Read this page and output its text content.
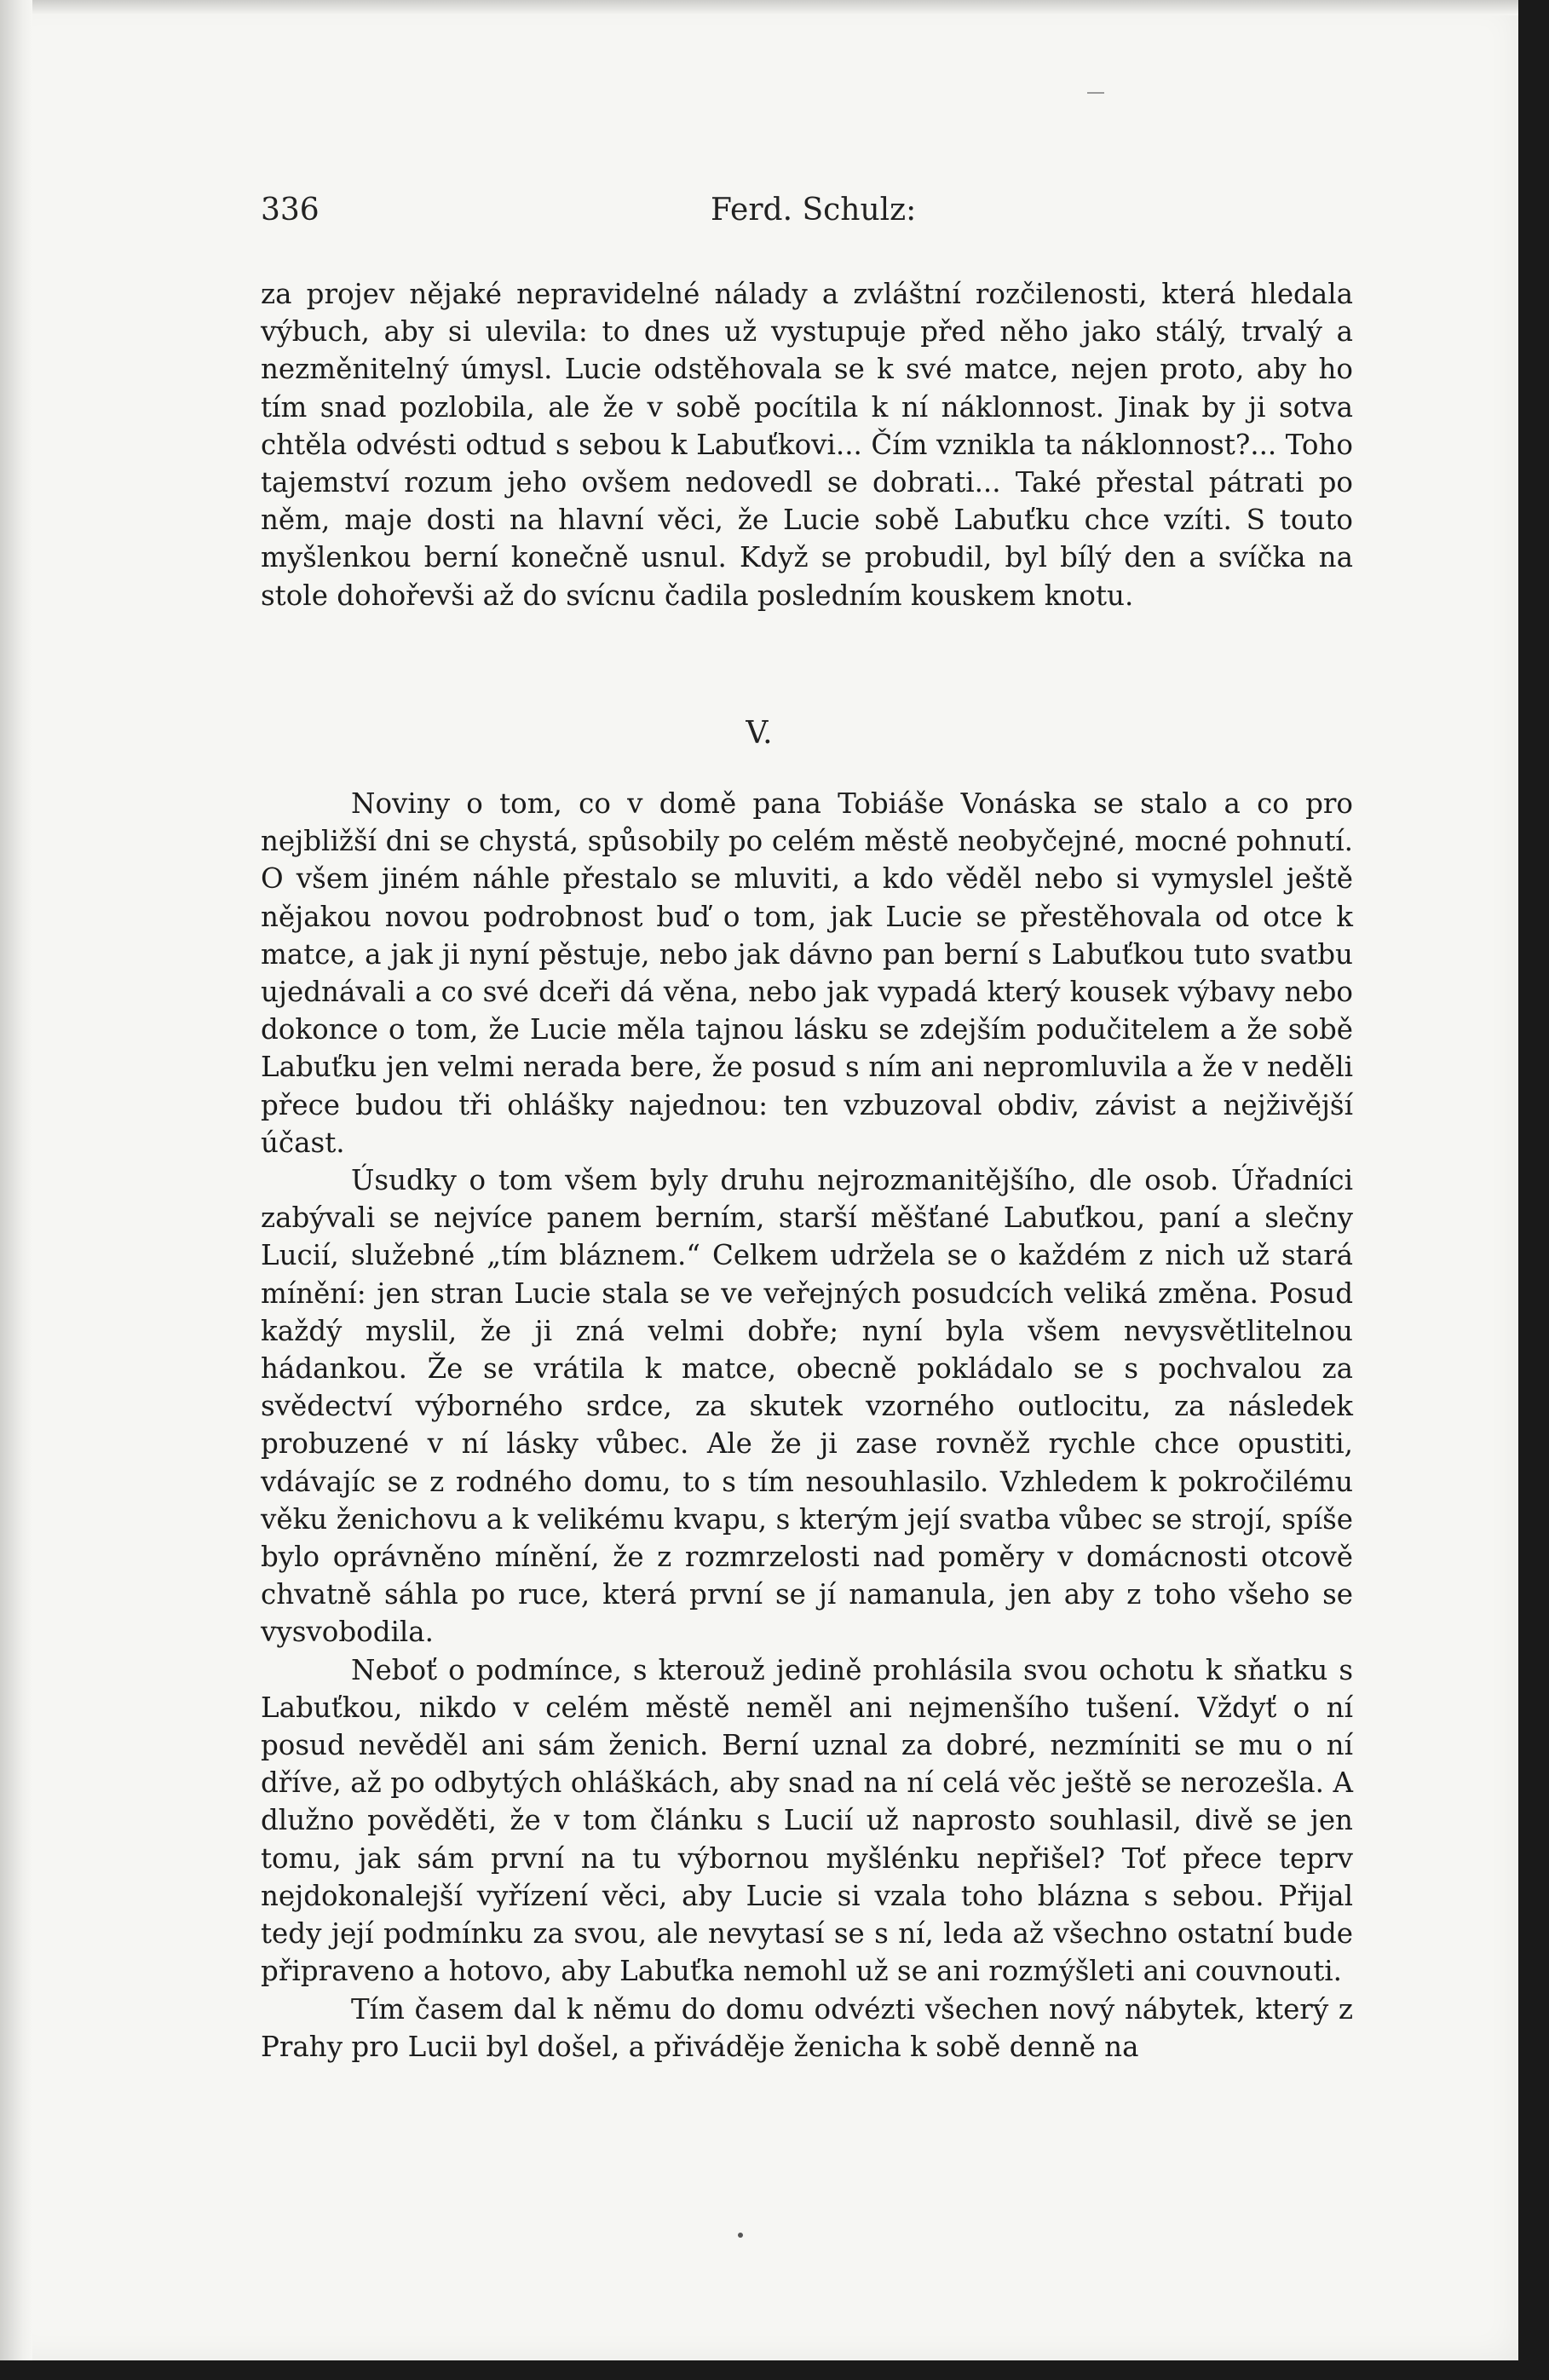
336	Ferd. Schulz:

za projev nějaké nepravidelné nálady a zvláštní rozčilenosti, která hledala výbuch, aby si ulevila: to dnes už vystupuje před něho jako stálý, trvalý a nezměnitelný úmysl. Lucie odstěhovala se k své matce, nejen proto, aby ho tím snad pozlobila, ale že v sobě pocítila k ní náklonnost. Jinak by ji sotva chtěla odvésti odtud s sebou k Labuťkovi... Čím vznikla ta náklonnost?... Toho tajemství rozum jeho ovšem nedovedl se dobrati... Také přestal pátrati po něm, maje dosti na hlavní věci, že Lucie sobě Labuťku chce vzíti. S touto myšlenkou berní konečně usnul. Když se probudil, byl bílý den a svíčka na stole dohořevši až do svícnu čadila posledním kouskem knotu.

V.

Noviny o tom, co v domě pana Tobiáše Vonáska se stalo a co pro nejbližší dni se chystá, spůsobily po celém městě neobyčejné, mocné pohnutí. O všem jiném náhle přestalo se mluviti, a kdo věděl nebo si vymyslel ještě nějakou novou podrobnost buď o tom, jak Lucie se přestěhovala od otce k matce, a jak ji nyní pěstuje, nebo jak dávno pan berní s Labuťkou tuto svatbu ujednávali a co své dceři dá věna, nebo jak vypadá který kousek výbavy nebo dokonce o tom, že Lucie měla tajnou lásku se zdejším podučitelem a že sobě Labuťku jen velmi nerada bere, že posud s ním ani nepromluvila a že v neděli přece budou tři ohlášky najednou: ten vzbuzoval obdiv, závist a nejživější účast.

Úsudky o tom všem byly druhu nejrozmanitějšího, dle osob. Úřadníci zabývali se nejvíce panem berním, starší měšťané Labuťkou, paní a slečny Lucií, služebné „tím bláznem.“ Celkem udržela se o každém z nich už stará mínění: jen stran Lucie stala se ve veřejných posudcích veliká změna. Posud každý myslil, že ji zná velmi dobře; nyní byla všem nevysvětlitelnou hádankou. Že se vrátila k matce, obecně pokládalo se s pochvalou za svědectví výborného srdce, za skutek vzorného outlocitu, za následek probuzené v ní lásky vůbec. Ale že ji zase rovněž rychle chce opustiti, vdávajíc se z rodného domu, to s tím nesouhlasilo. Vzhledem k pokročilému věku ženichovu a k velikému kvapu, s kterým její svatba vůbec se strojí, spíše bylo oprávněno mínění, že z rozmrzelosti nad poměry v domácnosti otcově chvatně sáhla po ruce, která první se jí namanula, jen aby z toho všeho se vysvobodila.

Neboť o podmínce, s kterouž jedině prohlásila svou ochotu k sňatku s Labuťkou, nikdo v celém městě neměl ani nejmenšího tušení. Vždyť o ní posud nevěděl ani sám ženich. Berní uznal za dobré, nezmíniti se mu o ní dříve, až po odbytých ohláškách, aby snad na ní celá věc ještě se nerozešla. A dlužno pověděti, že v tom článku s Lucií už naprosto souhlasil, divě se jen tomu, jak sám první na tu výbornou myšlénku nepřišel? Toť přece teprv nejdokonalejší vyřízení věci, aby Lucie si vzala toho blázna s sebou. Přijal tedy její podmínku za svou, ale nevytasí se s ní, leda až všechno ostatní bude připraveno a hotovo, aby Labuťka nemohl už se ani rozmýšleti ani couvnouti.

Tím časem dal k němu do domu odvézti všechen nový nábytek, který z Prahy pro Lucii byl došel, a přiváděje ženicha k sobě denně na
